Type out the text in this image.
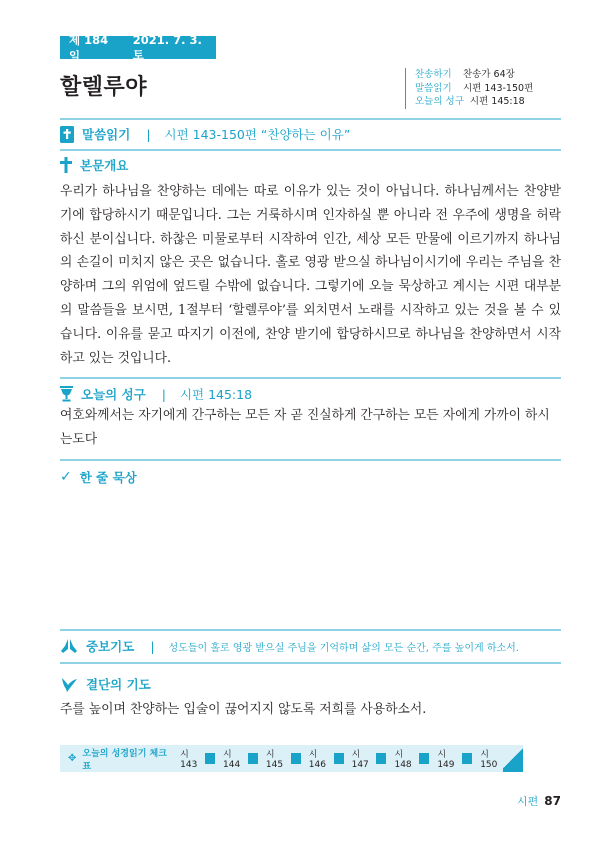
제 184일
2021. 7. 3. 토
할렐루야
찬송하기	찬송가 64장
말씀읽기	시편 143-150편
오늘의 성구 시편 145:18
말씀읽기 | 시편 143-150편 “찬양하는 이유”
본문개요
우리가 하나님을 찬양하는 데에는 따로 이유가 있는 것이 아닙니다. 하나님께서는 찬양받기에 합당하시기 때문입니다. 그는 거룩하시며 인자하실 뿐 아니라 전 우주에 생명을 허락하신 분이십니다. 하찮은 미물로부터 시작하여 인간, 세상 모든 만물에 이르기까지 하나님의 손길이 미치지 않은 곳은 없습니다. 홀로 영광 받으실 하나님이시기에 우리는 주님을 찬양하며 그의 위엄에 엎드릴 수밖에 없습니다. 그렇기에 오늘 묵상하고 계시는 시편 대부분의 말씀들을 보시면, 1절부터 ‘할렐루야’를 외치면서 노래를 시작하고 있는 것을 볼 수 있습니다. 이유를 묻고 따지기 이전에, 찬양 받기에 합당하시므로 하나님을 찬양하면서 시작하고 있는 것입니다.
오늘의 성구 | 시편 145:18
여호와께서는 자기에게 간구하는 모든 자 곧 진실하게 간구하는 모든 자에게 가까이 하시는도다
✓ 한 줄 묵상
중보기도 | 성도들이 홀로 영광 받으실 주님을 기억하며 삶의 모든 순간, 주를 높이게 하소서.
결단의 기도
주를 높이며 찬양하는 입술이 끊어지지 않도록 저희를 사용하소서.
✥ 오늘의 성경읽기 체크표
시143
시144
시145
시146
시147
시148
시149
시150
시편 87
